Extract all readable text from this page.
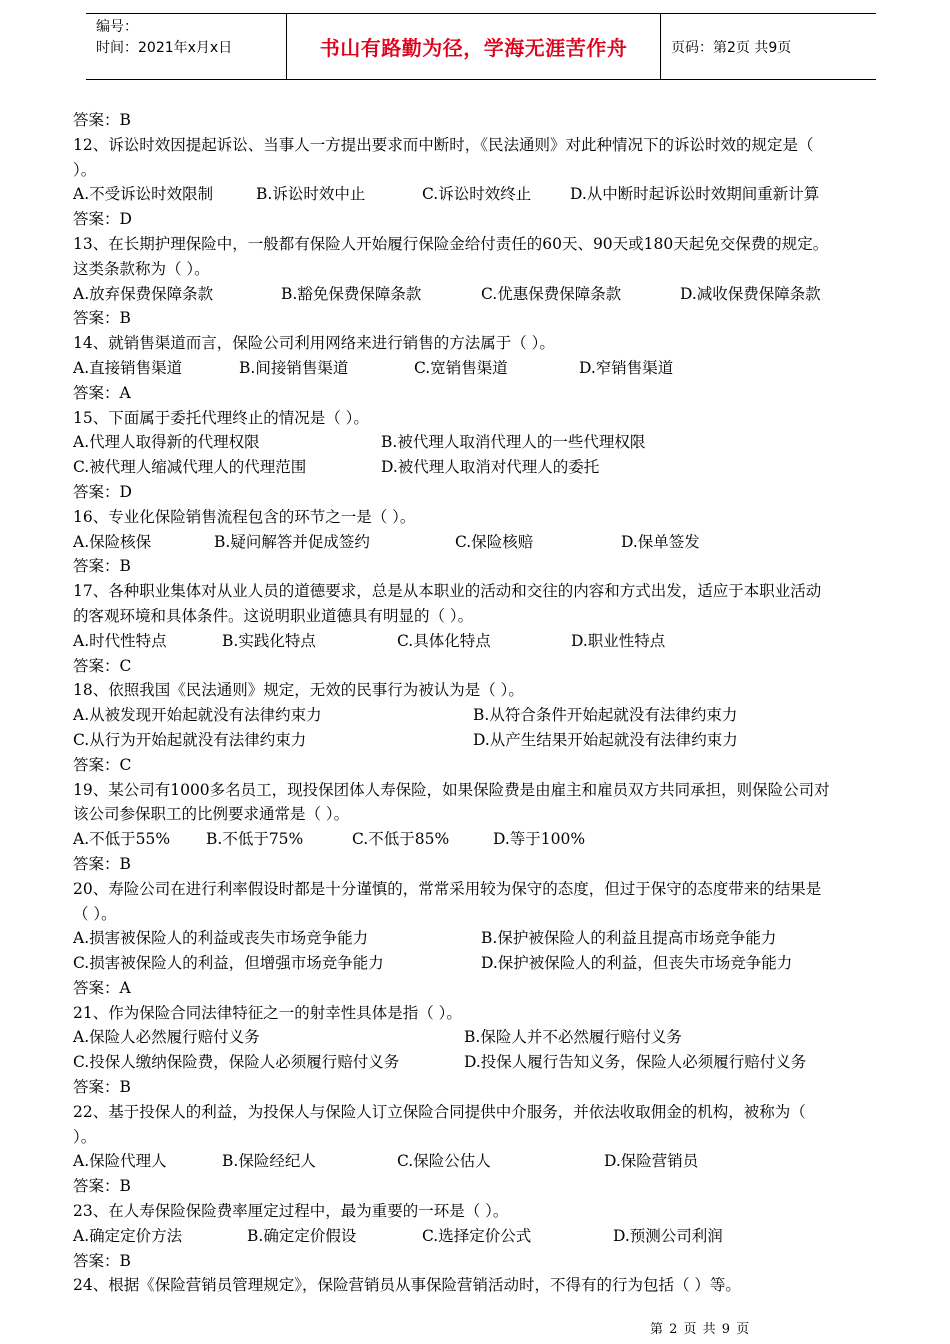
编号：
时间：2021年x月x日	书山有路勤为径，学海无涯苦作舟	页码：第2页 共9页
答案：B
12、诉讼时效因提起诉讼、当事人一方提出要求而中断时，《民法通则》对此种情况下的诉讼时效的规定是（
）。
A.不受诉讼时效限制	B.诉讼时效中止	C.诉讼时效终止	D.从中断时起诉讼时效期间重新计算
答案：D
13、在长期护理保险中，一般都有保险人开始履行保险金给付责任的60天、90天或180天起免交保费的规定。
这类条款称为（ ）。
A.放弃保费保障条款	B.豁免保费保障条款	C.优惠保费保障条款	D.减收保费保障条款
答案：B
14、就销售渠道而言，保险公司利用网络来进行销售的方法属于（ ）。
A.直接销售渠道	B.间接销售渠道	C.宽销售渠道	D.窄销售渠道
答案：A
15、下面属于委托代理终止的情况是（ ）。
A.代理人取得新的代理权限	B.被代理人取消代理人的一些代理权限
C.被代理人缩减代理人的代理范围	D.被代理人取消对代理人的委托
答案：D
16、专业化保险销售流程包含的环节之一是（ ）。
A.保险核保	B.疑问解答并促成签约	C.保险核赔	D.保单签发
答案：B
17、各种职业集体对从业人员的道德要求，总是从本职业的活动和交往的内容和方式出发，适应于本职业活动
的客观环境和具体条件。这说明职业道德具有明显的（ ）。
A.时代性特点	B.实践化特点	C.具体化特点	D.职业性特点
答案：C
18、依照我国《民法通则》规定，无效的民事行为被认为是（ ）。
A.从被发现开始起就没有法律约束力	B.从符合条件开始起就没有法律约束力
C.从行为开始起就没有法律约束力	D.从产生结果开始起就没有法律约束力
答案：C
19、某公司有1000多名员工，现投保团体人寿保险，如果保险费是由雇主和雇员双方共同承担，则保险公司对
该公司参保职工的比例要求通常是（ ）。
A.不低于55% B.不低于75%	C.不低于85%	D.等于100%
答案：B
20、寿险公司在进行利率假设时都是十分谨慎的，常常采用较为保守的态度，但过于保守的态度带来的结果是
（ ）。
A.损害被保险人的利益或丧失市场竞争能力	B.保护被保险人的利益且提高市场竞争能力
C.损害被保险人的利益，但增强市场竞争能力	D.保护被保险人的利益，但丧失市场竞争能力
答案：A
21、作为保险合同法律特征之一的射幸性具体是指（ ）。
A.保险人必然履行赔付义务	B.保险人并不必然履行赔付义务
C.投保人缴纳保险费，保险人必须履行赔付义务	D.投保人履行告知义务，保险人必须履行赔付义务
答案：B
22、基于投保人的利益，为投保人与保险人订立保险合同提供中介服务，并依法收取佣金的机构，被称为（
）。
A.保险代理人	B.保险经纪人	C.保险公估人	D.保险营销员
答案：B
23、在人寿保险保险费率厘定过程中，最为重要的一环是（ ）。
A.确定定价方法	B.确定定价假设	C.选择定价公式	D.预测公司利润
答案：B
24、根据《保险营销员管理规定》，保险营销员从事保险营销活动时，不得有的行为包括（ ）等。
第 2 页 共 9 页
